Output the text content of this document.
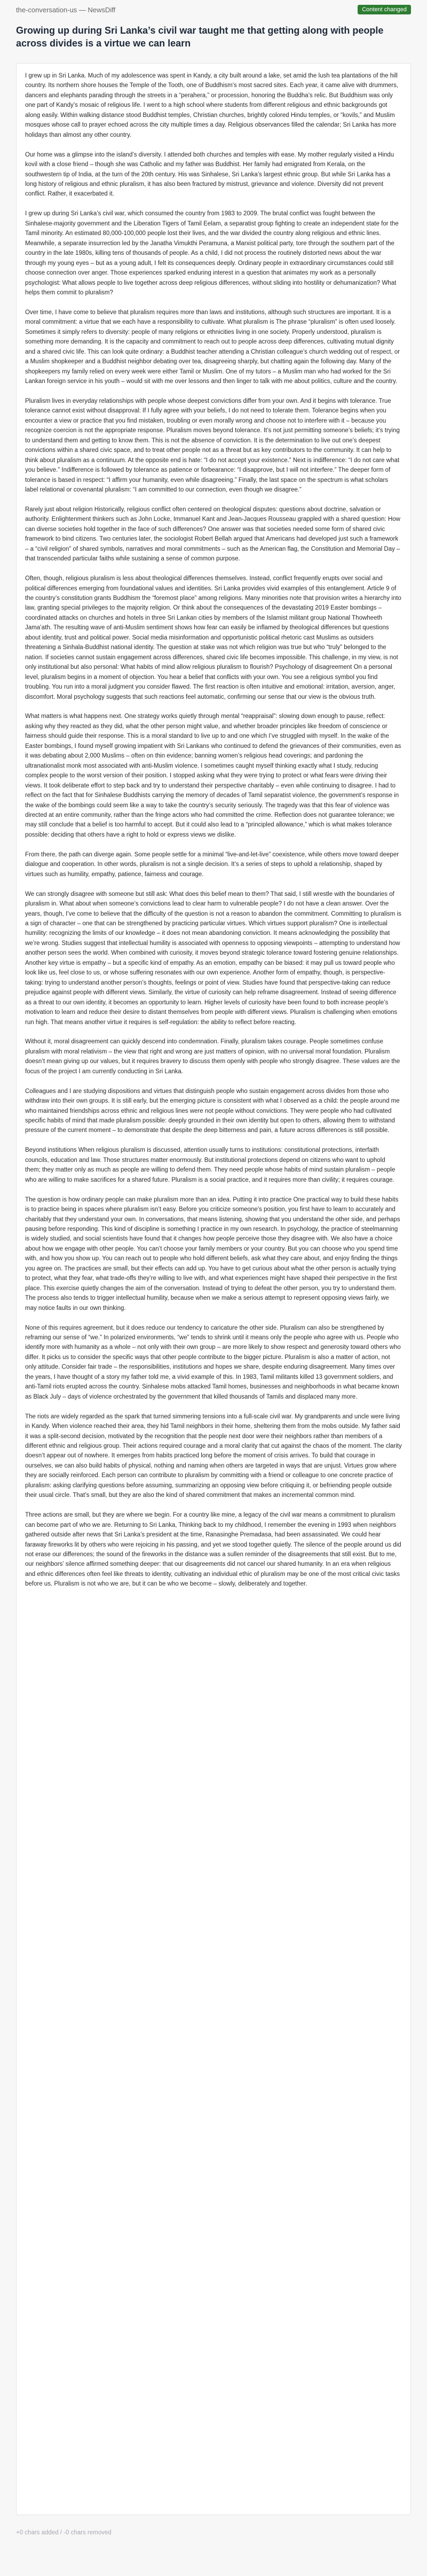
the-conversation-us — NewsDiff	Content changed
Growing up during Sri Lanka’s civil war taught me that getting along with people across divides is a virtue we can learn

I grew up in Sri Lanka. Much of my adolescence was spent in Kandy, a city built around a lake, set amid the lush tea plantations of the hill country. Its northern shore houses the Temple of the Tooth, one of Buddhism’s most sacred sites. Each year, it came alive with drummers, dancers and elephants parading through the streets in a “perahera,” or procession, honoring the Buddha’s relic. But Buddhism was only one part of Kandy’s mosaic of religious life. I went to a high school where students from different religious and ethnic backgrounds got along easily. Within walking distance stood Buddhist temples, Christian churches, brightly colored Hindu temples, or “kovils,” and Muslim mosques whose call to prayer echoed across the city multiple times a day. Religious observances filled the calendar; Sri Lanka has more holidays than almost any other country.

Our home was a glimpse into the island’s diversity. I attended both churches and temples with ease. My mother regularly visited a Hindu kovil with a close friend – though she was Catholic and my father was Buddhist. Her family had emigrated from Kerala, on the southwestern tip of India, at the turn of the 20th century. His was Sinhalese, Sri Lanka’s largest ethnic group. But while Sri Lanka has a long history of religious and ethnic pluralism, it has also been fractured by mistrust, grievance and violence. Diversity did not prevent conflict. Rather, it exacerbated it.

I grew up during Sri Lanka’s civil war, which consumed the country from 1983 to 2009. The brutal conflict was fought between the Sinhalese-majority government and the Liberation Tigers of Tamil Eelam, a separatist group fighting to create an independent state for the Tamil minority. An estimated 80,000-100,000 people lost their lives, and the war divided the country along religious and ethnic lines. Meanwhile, a separate insurrection led by the Janatha Vimukthi Peramuna, a Marxist political party, tore through the southern part of the country in the late 1980s, killing tens of thousands of people. As a child, I did not process the routinely distorted news about the war through my young eyes – but as a young adult, I felt its consequences deeply. Ordinary people in extraordinary circumstances could still choose connection over anger. Those experiences sparked enduring interest in a question that animates my work as a personally psychologist: What allows people to live together across deep religious differences, without sliding into hostility or dehumanization? What helps them commit to pluralism?

Over time, I have come to believe that pluralism requires more than laws and institutions, although such structures are important. It is a moral commitment: a virtue that we each have a responsibility to cultivate. What pluralism is The phrase “pluralism” is often used loosely. Sometimes it simply refers to diversity: people of many religions or ethnicities living in one society. Properly understood, pluralism is something more demanding. It is the capacity and commitment to reach out to people across deep differences, cultivating mutual dignity and a shared civic life. This can look quite ordinary: a Buddhist teacher attending a Christian colleague’s church wedding out of respect, or a Muslim shopkeeper and a Buddhist neighbor debating over tea, disagreeing sharply, but chatting again the following day. Many of the shopkeepers my family relied on every week were either Tamil or Muslim. One of my tutors – a Muslim man who had worked for the Sri Lankan foreign service in his youth – would sit with me over lessons and then linger to talk with me about politics, culture and the country.

Pluralism lives in everyday relationships with people whose deepest convictions differ from your own. And it begins with tolerance. True tolerance cannot exist without disapproval: If I fully agree with your beliefs, I do not need to tolerate them. Tolerance begins when you encounter a view or practice that you find mistaken, troubling or even morally wrong and choose not to interfere with it – because you recognize coercion is not the appropriate response. Pluralism moves beyond tolerance. It’s not just permitting someone’s beliefs; it’s trying to understand them and getting to know them. This is not the absence of conviction. It is the determination to live out one’s deepest convictions within a shared civic space, and to treat other people not as a threat but as key contributors to the community. It can help to think about pluralism as a continuum. At the opposite end is hate: “I do not accept your existence.” Next is indifference: “I do not care what you believe.” Indifference is followed by tolerance as patience or forbearance: “I disapprove, but I will not interfere.” The deeper form of tolerance is based in respect: “I affirm your humanity, even while disagreeing.” Finally, the last space on the spectrum is what scholars label relational or covenantal pluralism: “I am committed to our connection, even though we disagree.”

Rarely just about religion Historically, religious conflict often centered on theological disputes: questions about doctrine, salvation or authority. Enlightenment thinkers such as John Locke, Immanuel Kant and Jean-Jacques Rousseau grappled with a shared question: How can diverse societies hold together in the face of such differences? One answer was that societies needed some form of shared civic framework to bind citizens. Two centuries later, the sociologist Robert Bellah argued that Americans had developed just such a framework – a “civil religion” of shared symbols, narratives and moral commitments – such as the American flag, the Constitution and Memorial Day – that transcended particular faiths while sustaining a sense of common purpose.

Often, though, religious pluralism is less about theological differences themselves. Instead, conflict frequently erupts over social and political differences emerging from foundational values and identities. Sri Lanka provides vivid examples of this entanglement. Article 9 of the country’s constitution grants Buddhism the “foremost place” among religions. Many minorities note that provision writes a hierarchy into law, granting special privileges to the majority religion. Or think about the consequences of the devastating 2019 Easter bombings – coordinated attacks on churches and hotels in three Sri Lankan cities by members of the Islamist militant group National Thowheeth Jama’ath. The resulting wave of anti-Muslim sentiment shows how fear can easily be inflamed by theological differences but questions about identity, trust and political power. Social media misinformation and opportunistic political rhetoric cast Muslims as outsiders threatening a Sinhala-Buddhist national identity. The question at stake was not which religion was true but who “truly” belonged to the nation. If societies cannot sustain engagement across differences, shared civic life becomes impossible. This challenge, in my view, is not only institutional but also personal: What habits of mind allow religious pluralism to flourish? Psychology of disagreement On a personal level, pluralism begins in a moment of objection. You hear a belief that conflicts with your own. You see a religious symbol you find troubling. You run into a moral judgment you consider flawed. The first reaction is often intuitive and emotional: irritation, aversion, anger, discomfort. Moral psychology suggests that such reactions feel automatic, confirming our sense that our view is the obvious truth.

What matters is what happens next. One strategy works quietly through mental “reappraisal”: slowing down enough to pause, reflect: asking why they reacted as they did, what the other person might value, and whether broader principles like freedom of conscience or fairness should guide their response. This is a moral standard to live up to and one which I’ve struggled with myself. In the wake of the Easter bombings, I found myself growing impatient with Sri Lankans who continued to defend the grievances of their communities, even as it was debating about 2,000 Muslims – often on thin evidence; banning women’s religious head coverings; and pardoning the ultranationalist monk most associated with anti-Muslim violence. I sometimes caught myself thinking exactly what I study, reducing complex people to the worst version of their position. I stopped asking what they were trying to protect or what fears were driving their views. It took deliberate effort to step back and try to understand their perspective charitably – even while continuing to disagree. I had to reflect on the fact that for Sinhalese Buddhists carrying the memory of decades of Tamil separatist violence, the government’s response in the wake of the bombings could seem like a way to take the country’s security seriously. The tragedy was that this fear of violence was directed at an entire community, rather than the fringe actors who had committed the crime. Reflection does not guarantee tolerance; we may still conclude that a belief is too harmful to accept. But it could also lead to a “principled allowance,” which is what makes tolerance possible: deciding that others have a right to hold or express views we dislike.

From there, the path can diverge again. Some people settle for a minimal “live-and-let-live” coexistence, while others move toward deeper dialogue and cooperation. In other words, pluralism is not a single decision. It’s a series of steps to uphold a relationship, shaped by virtues such as humility, empathy, patience, fairness and courage.

We can strongly disagree with someone but still ask: What does this belief mean to them? That said, I still wrestle with the boundaries of pluralism in. What about when someone’s convictions lead to clear harm to vulnerable people? I do not have a clean answer. Over the years, though, I’ve come to believe that the difficulty of the question is not a reason to abandon the commitment. Committing to pluralism is a sign of character – one that can be strengthened by practicing particular virtues. Which virtues support pluralism? One is intellectual humility: recognizing the limits of our knowledge – it does not mean abandoning conviction. It means acknowledging the possibility that we’re wrong. Studies suggest that intellectual humility is associated with openness to opposing viewpoints – attempting to understand how another person sees the world. When combined with curiosity, it moves beyond strategic tolerance toward fostering genuine relationships. Another key virtue is empathy – but a specific kind of empathy. As an emotion, empathy can be biased: it may pull us toward people who look like us, feel close to us, or whose suffering resonates with our own experience. Another form of empathy, though, is perspective-taking: trying to understand another person’s thoughts, feelings or point of view. Studies have found that perspective-taking can reduce prejudice against people with different views. Similarly, the virtue of curiosity can help reframe disagreement. Instead of seeing difference as a threat to our own identity, it becomes an opportunity to learn. Higher levels of curiosity have been found to both increase people’s motivation to learn and reduce their desire to distant themselves from people with different views. Pluralism is challenging when emotions run high. That means another virtue it requires is self-regulation: the ability to reflect before reacting.

Without it, moral disagreement can quickly descend into condemnation. Finally, pluralism takes courage. People sometimes confuse pluralism with moral relativism – the view that right and wrong are just matters of opinion, with no universal moral foundation. Pluralism doesn’t mean giving up our values, but it requires bravery to discuss them openly with people who strongly disagree. These values are the focus of the project I am currently conducting in Sri Lanka.

Colleagues and I are studying dispositions and virtues that distinguish people who sustain engagement across divides from those who withdraw into their own groups. It is still early, but the emerging picture is consistent with what I observed as a child: the people around me who maintained friendships across ethnic and religious lines were not people without convictions. They were people who had cultivated specific habits of mind that made pluralism possible: deeply grounded in their own identity but open to others, allowing them to withstand pressure of the current moment – to demonstrate that despite the deep bitterness and pain, a future across differences is still possible.

Beyond institutions When religious pluralism is discussed, attention usually turns to institutions: constitutional protections, interfaith councils, education and law. Those structures matter enormously. But institutional protections depend on citizens who want to uphold them; they matter only as much as people are willing to defend them. They need people whose habits of mind sustain pluralism – people who are willing to make sacrifices for a shared future. Pluralism is a social practice, and it requires more than civility; it requires courage.

The question is how ordinary people can make pluralism more than an idea. Putting it into practice One practical way to build these habits is to practice being in spaces where pluralism isn’t easy. Before you criticize someone’s position, you first have to learn to accurately and charitably that they understand your own. In conversations, that means listening, showing that you understand the other side, and perhaps pausing before responding. This kind of discipline is something I practice in my own research. In psychology, the practice of steelmanning is widely studied, and social scientists have found that it changes how people perceive those they disagree with. We also have a choice about how we engage with other people. You can’t choose your family members or your country. But you can choose who you spend time with, and how you show up. You can reach out to people who hold different beliefs, ask what they care about, and enjoy finding the things you agree on. The practices are small, but their effects can add up. You have to get curious about what the other person is actually trying to protect, what they fear, what trade-offs they’re willing to live with, and what experiences might have shaped their perspective in the first place. This exercise quietly changes the aim of the conversation. Instead of trying to defeat the other person, you try to understand them. The process also tends to trigger intellectual humility, because when we make a serious attempt to represent opposing views fairly, we may notice faults in our own thinking.

None of this requires agreement, but it does reduce our tendency to caricature the other side. Pluralism can also be strengthened by reframing our sense of “we.” In polarized environments, “we” tends to shrink until it means only the people who agree with us. People who identify more with humanity as a whole – not only with their own group – are more likely to show respect and generosity toward others who differ. It picks us to consider the specific ways that other people contribute to the bigger picture. Pluralism is also a matter of action, not only attitude. Consider fair trade – the responsibilities, institutions and hopes we share, despite enduring disagreement. Many times over the years, I have thought of a story my father told me, a vivid example of this. In 1983, Tamil militants killed 13 government soldiers, and anti-Tamil riots erupted across the country. Sinhalese mobs attacked Tamil homes, businesses and neighborhoods in what became known as Black July – days of violence orchestrated by the government that killed thousands of Tamils and displaced many more.

The riots are widely regarded as the spark that turned simmering tensions into a full-scale civil war. My grandparents and uncle were living in Kandy. When violence reached their area, they hid Tamil neighbors in their home, sheltering them from the mobs outside. My father said it was a split-second decision, motivated by the recognition that the people next door were their neighbors rather than members of a different ethnic and religious group. Their actions required courage and a moral clarity that cut against the chaos of the moment. The clarity doesn’t appear out of nowhere. It emerges from habits practiced long before the moment of crisis arrives. To build that courage in ourselves, we can also build habits of physical, nothing and naming when others are targeted in ways that are unjust. Virtues grow where they are socially reinforced. Each person can contribute to pluralism by committing with a friend or colleague to one concrete practice of pluralism: asking clarifying questions before assuming, summarizing an opposing view before critiquing it, or befriending people outside their usual circle. That’s small, but they are also the kind of shared commitment that makes an incremental common mind.

Three actions are small, but they are where we begin. For a country like mine, a legacy of the civil war means a commitment to pluralism can become part of who we are. Returning to Sri Lanka, Thinking back to my childhood, I remember the evening in 1993 when neighbors gathered outside after news that Sri Lanka’s president at the time, Ranasinghe Premadasa, had been assassinated. We could hear faraway fireworks lit by others who were rejoicing in his passing, and yet we stood together quietly. The silence of the people around us did not erase our differences; the sound of the fireworks in the distance was a sullen reminder of the disagreements that still exist. But to me, our neighbors’ silence affirmed something deeper: that our disagreements did not cancel our shared humanity. In an era when religious and ethnic differences often feel like threats to identity, cultivating an individual ethic of pluralism may be one of the most critical civic tasks before us. Pluralism is not who we are, but it can be who we become – slowly, deliberately and together.

+0 chars added / -0 chars removed
